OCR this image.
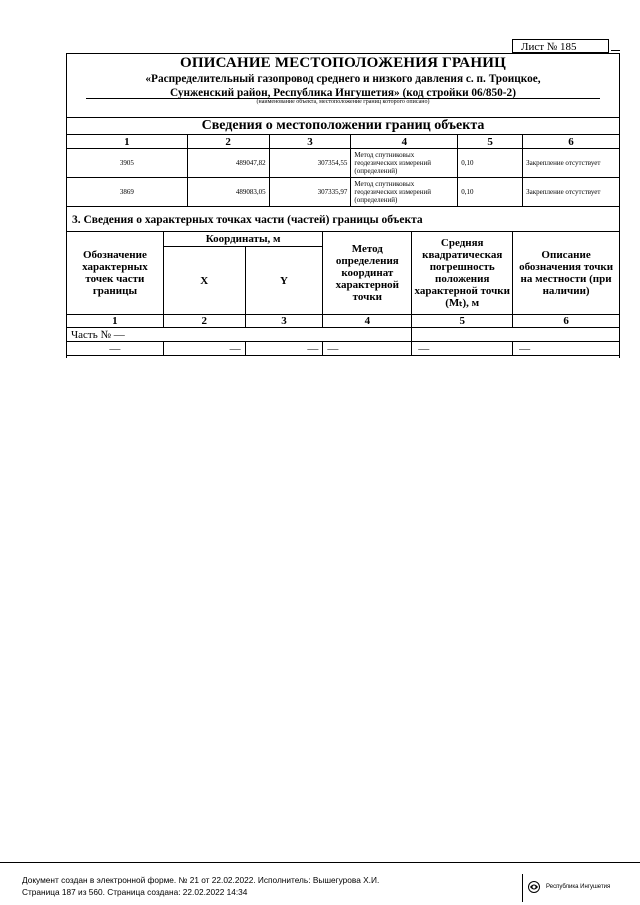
Лист № 185
ОПИСАНИЕ МЕСТОПОЛОЖЕНИЯ ГРАНИЦ
«Распределительный газопровод среднего и низкого давления с. п. Троицкое,
Сунженский район, Республика Ингушетия» (код стройки 06/850-2)
(наименование объекта, местоположение границ которого описано)
Сведения о местоположении границ объекта
1	2	3	4	5	6
3905	489047,82	307354,55	Метод спутниковых геодезических измерений (определений)	0,10	Закрепление отсутствует
3869	489083,05	307335,97	Метод спутниковых геодезических измерений (определений)	0,10	Закрепление отсутствует
3. Сведения о характерных точках части (частей) границы объекта
Обозначение характерных точек части границы	Координаты, м		Метод определения координат характерной точки	Средняя квадратическая погрешность положения характерной точки (Mₜ), м	Описание обозначения точки на местности (при наличии)
	X	Y			
1	2	3	4	5	6
Часть № —					
—	—	—	—	—	—
Документ создан в электронной форме. № 21 от 22.02.2022. Исполнитель: Вышегурова Х.И.
Страница 187 из 560. Страница создана: 22.02.2022 14:34	Республика Ингушетия
